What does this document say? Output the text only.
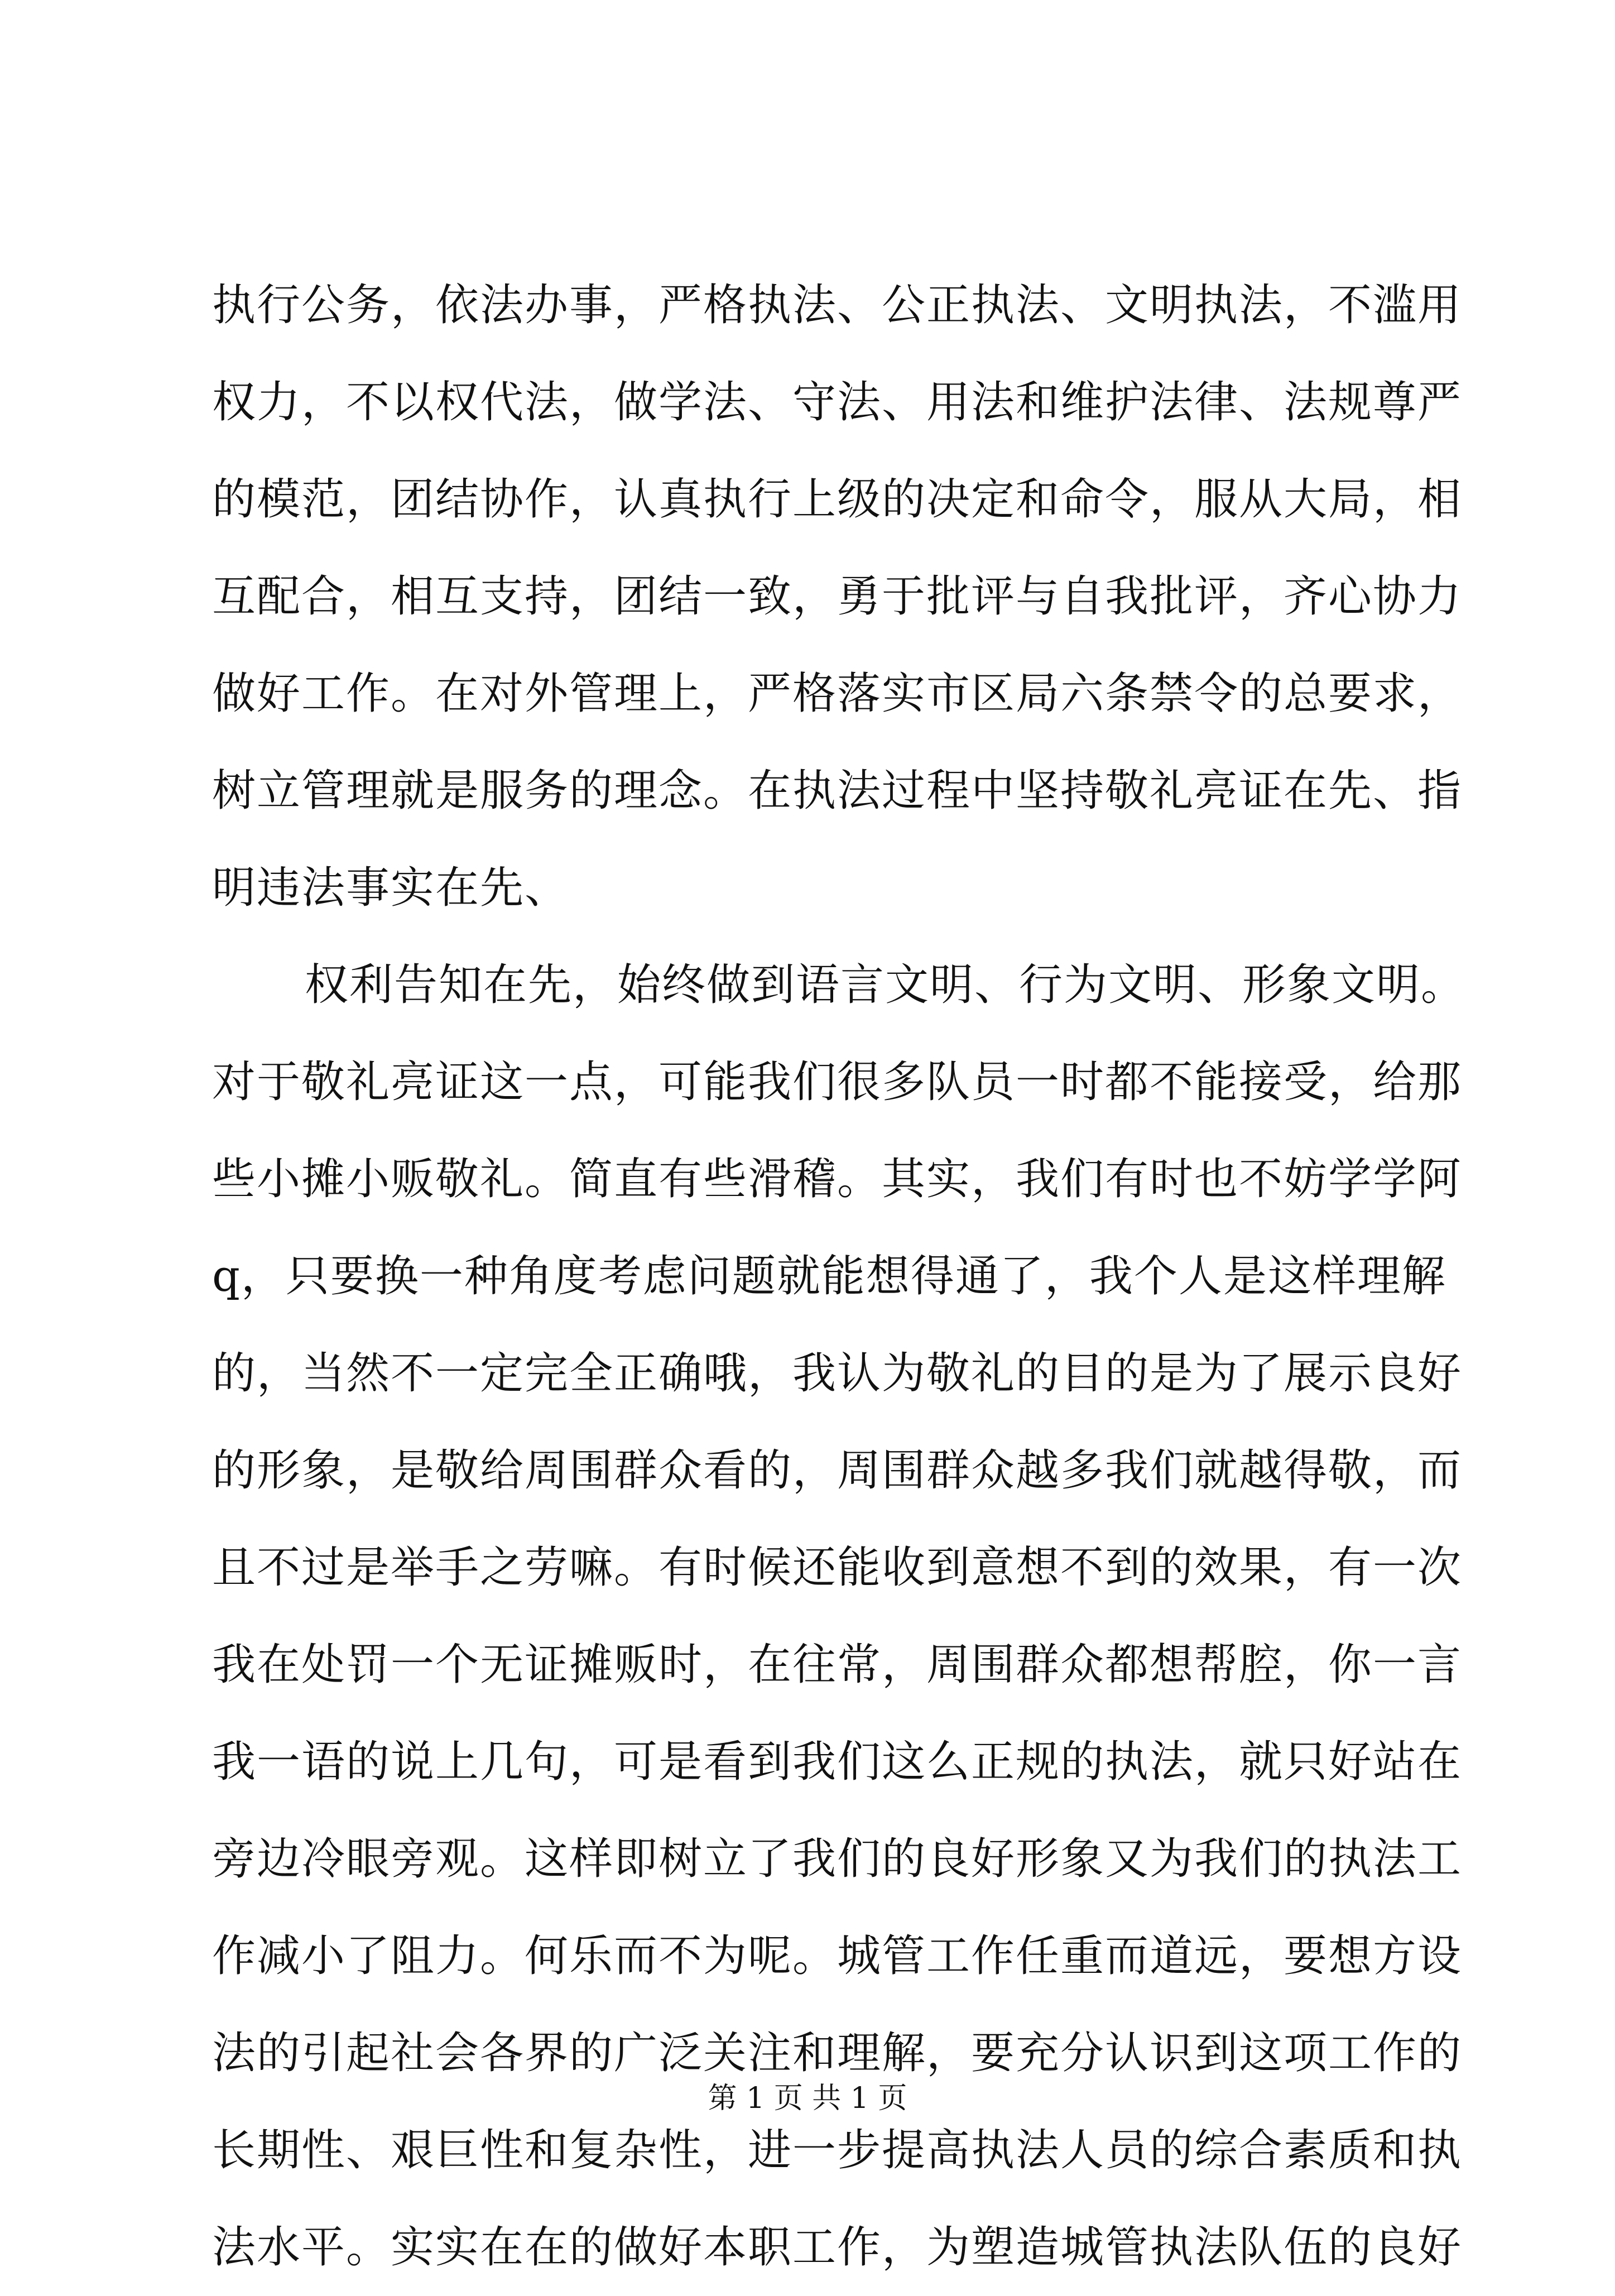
执行公务，依法办事，严格执法、公正执法、文明执法，不滥用
权力，不以权代法，做学法、守法、用法和维护法律、法规尊严
的模范，团结协作，认真执行上级的决定和命令，服从大局，相
互配合，相互支持，团结一致，勇于批评与自我批评，齐心协力
做好工作。在对外管理上，严格落实市区局六条禁令的总要求，
树立管理就是服务的理念。在执法过程中坚持敬礼亮证在先、指
明违法事实在先、
权利告知在先，始终做到语言文明、行为文明、形象文明。
对于敬礼亮证这一点，可能我们很多队员一时都不能接受，给那
些小摊小贩敬礼。简直有些滑稽。其实，我们有时也不妨学学阿
q，只要换一种角度考虑问题就能想得通了，我个人是这样理解
的，当然不一定完全正确哦，我认为敬礼的目的是为了展示良好
的形象，是敬给周围群众看的，周围群众越多我们就越得敬，而
且不过是举手之劳嘛。有时候还能收到意想不到的效果，有一次
我在处罚一个无证摊贩时，在往常，周围群众都想帮腔，你一言
我一语的说上几句，可是看到我们这么正规的执法，就只好站在
旁边冷眼旁观。这样即树立了我们的良好形象又为我们的执法工
作减小了阻力。何乐而不为呢。城管工作任重而道远，要想方设
法的引起社会各界的广泛关注和理解，要充分认识到这项工作的
长期性、艰巨性和复杂性，进一步提高执法人员的综合素质和执
法水平。实实在在的做好本职工作，为塑造城管执法队伍的良好
第 1 页 共 1 页
